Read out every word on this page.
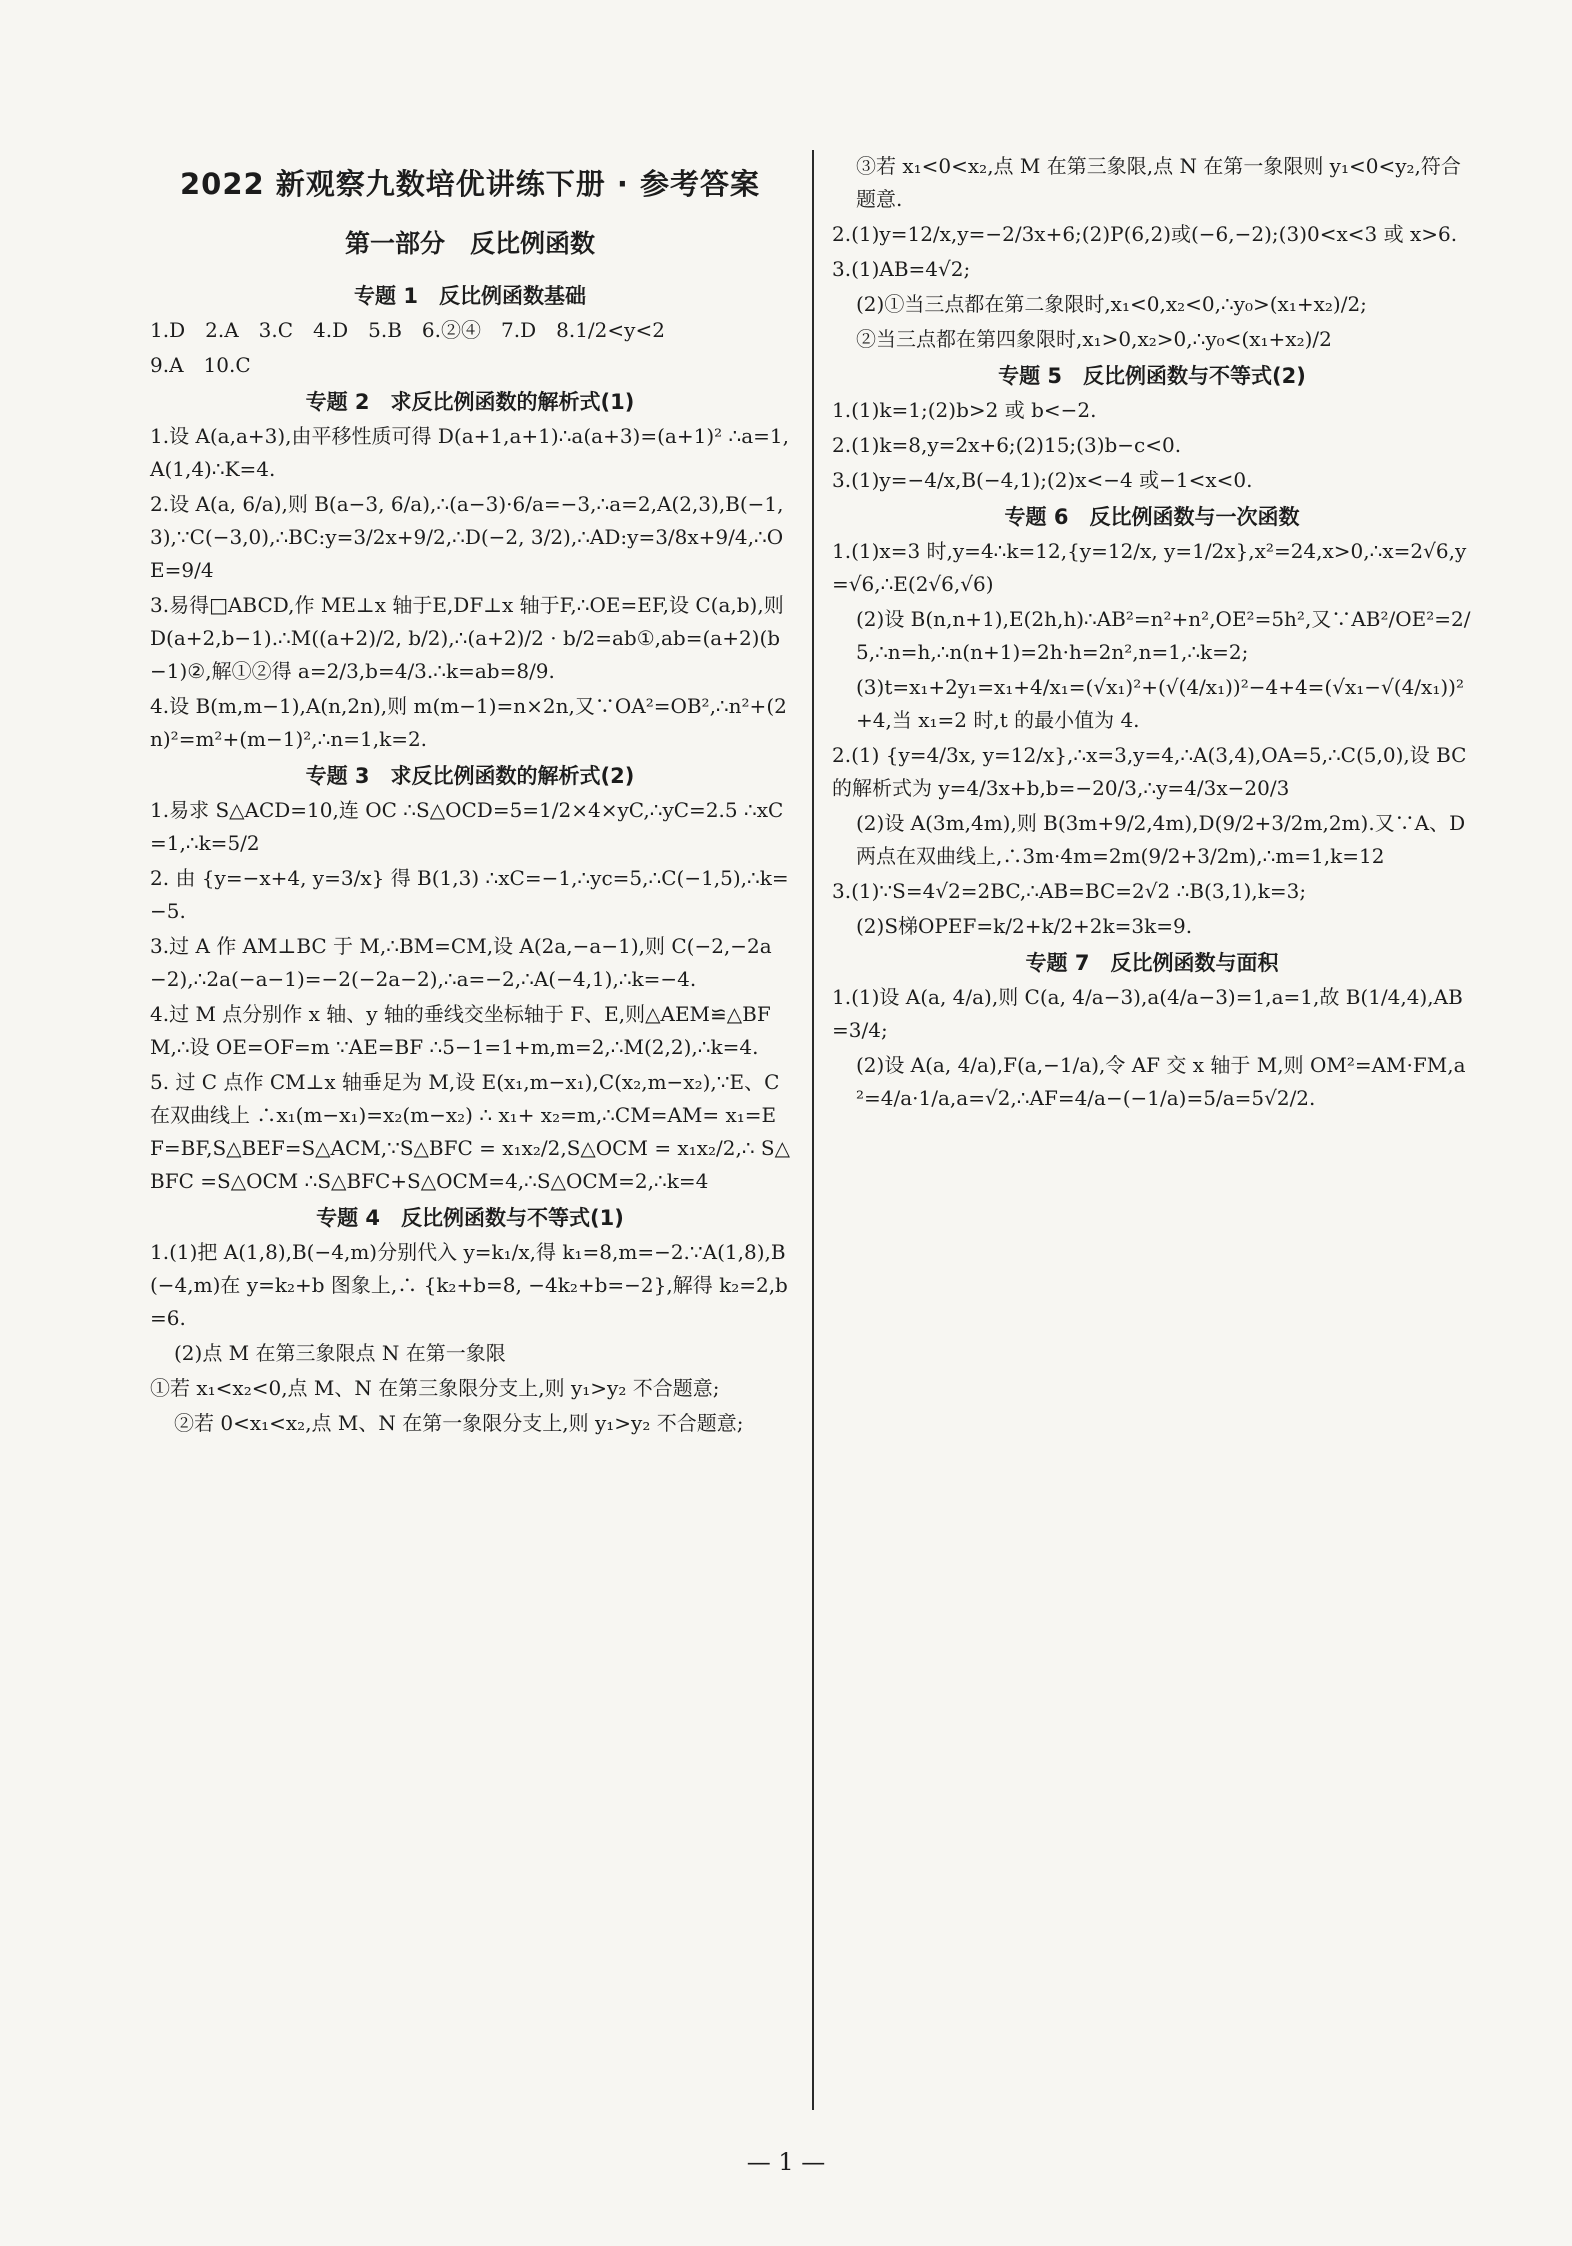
2022 新观察九数培优讲练下册 · 参考答案
第一部分　反比例函数
专题 1　反比例函数基础
1.D　2.A　3.C　4.D　5.B　6.②④　7.D　8.1/2<y<2
9.A　10.C
专题 2　求反比例函数的解析式(1)
1.设 A(a,a+3),由平移性质可得 D(a+1,a+1)∴a(a+3)=(a+1)² ∴a=1,A(1,4)∴K=4.
2.设 A(a, 6/a),则 B(a−3, 6/a),∴(a−3)·6/a=−3,∴a=2,A(2,3),B(−1,3),∵C(−3,0),∴BC:y=3/2x+9/2,∴D(−2, 3/2),∴AD:y=3/8x+9/4,∴OE=9/4
3.易得□ABCD,作 ME⊥x 轴于E,DF⊥x 轴于F,∴OE=EF,设 C(a,b),则 D(a+2,b−1).∴M((a+2)/2, b/2),∴(a+2)/2 · b/2=ab①,ab=(a+2)(b−1)②,解①②得 a=2/3,b=4/3.∴k=ab=8/9.
4.设 B(m,m−1),A(n,2n),则 m(m−1)=n×2n,又∵OA²=OB²,∴n²+(2n)²=m²+(m−1)²,∴n=1,k=2.
专题 3　求反比例函数的解析式(2)
1.易求 S△ACD=10,连 OC ∴S△OCD=5=1/2×4×yC,∴yC=2.5 ∴xC=1,∴k=5/2
2. 由 {y=−x+4, y=3/x} 得 B(1,3) ∴xC=−1,∴yc=5,∴C(−1,5),∴k=−5.
3.过 A 作 AM⊥BC 于 M,∴BM=CM,设 A(2a,−a−1),则 C(−2,−2a−2),∴2a(−a−1)=−2(−2a−2),∴a=−2,∴A(−4,1),∴k=−4.
4.过 M 点分别作 x 轴、y 轴的垂线交坐标轴于 F、E,则△AEM≌△BFM,∴设 OE=OF=m ∵AE=BF ∴5−1=1+m,m=2,∴M(2,2),∴k=4.
5. 过 C 点作 CM⊥x 轴垂足为 M,设 E(x₁,m−x₁),C(x₂,m−x₂),∵E、C 在双曲线上 ∴x₁(m−x₁)=x₂(m−x₂) ∴ x₁+ x₂=m,∴CM=AM= x₁=EF=BF,S△BEF=S△ACM,∵S△BFC = x₁x₂/2,S△OCM = x₁x₂/2,∴ S△BFC =S△OCM ∴S△BFC+S△OCM=4,∴S△OCM=2,∴k=4
专题 4　反比例函数与不等式(1)
1.(1)把 A(1,8),B(−4,m)分别代入 y=k₁/x,得 k₁=8,m=−2.∵A(1,8),B(−4,m)在 y=k₂+b 图象上,∴ {k₂+b=8, −4k₂+b=−2},解得 k₂=2,b=6.
(2)点 M 在第三象限点 N 在第一象限
①若 x₁<x₂<0,点 M、N 在第三象限分支上,则 y₁>y₂ 不合题意;
②若 0<x₁<x₂,点 M、N 在第一象限分支上,则 y₁>y₂ 不合题意;
③若 x₁<0<x₂,点 M 在第三象限,点 N 在第一象限则 y₁<0<y₂,符合题意.
2.(1)y=12/x,y=−2/3x+6;(2)P(6,2)或(−6,−2);(3)0<x<3 或 x>6.
3.(1)AB=4√2;
(2)①当三点都在第二象限时,x₁<0,x₂<0,∴y₀>(x₁+x₂)/2;
②当三点都在第四象限时,x₁>0,x₂>0,∴y₀<(x₁+x₂)/2
专题 5　反比例函数与不等式(2)
1.(1)k=1;(2)b>2 或 b<−2.
2.(1)k=8,y=2x+6;(2)15;(3)b−c<0.
3.(1)y=−4/x,B(−4,1);(2)x<−4 或−1<x<0.
专题 6　反比例函数与一次函数
1.(1)x=3 时,y=4∴k=12,{y=12/x, y=1/2x},x²=24,x>0,∴x=2√6,y=√6,∴E(2√6,√6)
(2)设 B(n,n+1),E(2h,h)∴AB²=n²+n²,OE²=5h²,又∵AB²/OE²=2/5,∴n=h,∴n(n+1)=2h·h=2n²,n=1,∴k=2;
(3)t=x₁+2y₁=x₁+4/x₁=(√x₁)²+(√(4/x₁))²−4+4=(√x₁−√(4/x₁))²+4,当 x₁=2 时,t 的最小值为 4.
2.(1) {y=4/3x, y=12/x},∴x=3,y=4,∴A(3,4),OA=5,∴C(5,0),设 BC 的解析式为 y=4/3x+b,b=−20/3,∴y=4/3x−20/3
(2)设 A(3m,4m),则 B(3m+9/2,4m),D(9/2+3/2m,2m).又∵A、D 两点在双曲线上,∴3m·4m=2m(9/2+3/2m),∴m=1,k=12
3.(1)∵S=4√2=2BC,∴AB=BC=2√2 ∴B(3,1),k=3;
(2)S梯OPEF=k/2+k/2+2k=3k=9.
专题 7　反比例函数与面积
1.(1)设 A(a, 4/a),则 C(a, 4/a−3),a(4/a−3)=1,a=1,故 B(1/4,4),AB=3/4;
(2)设 A(a, 4/a),F(a,−1/a),令 AF 交 x 轴于 M,则 OM²=AM·FM,a²=4/a·1/a,a=√2,∴AF=4/a−(−1/a)=5/a=5√2/2.
— 1 —
